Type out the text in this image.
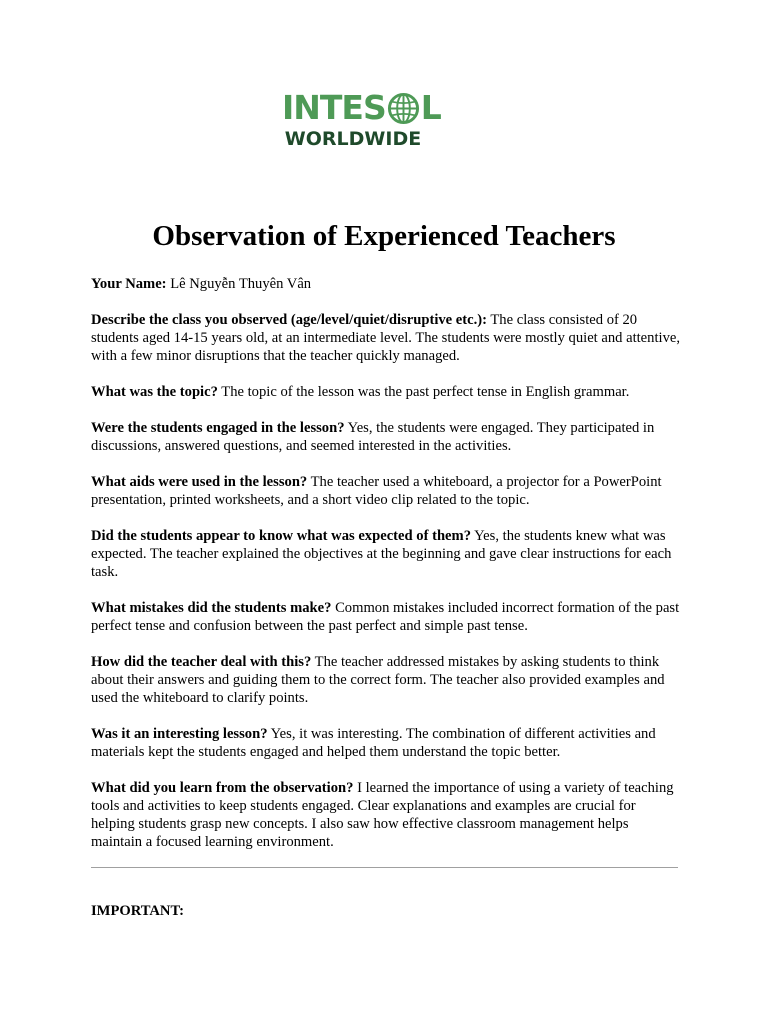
INTES L
WORLDWIDE
Observation of Experienced Teachers

Your Name: Lê Nguyễn Thuyên Vân

Describe the class you observed (age/level/quiet/disruptive etc.): The class consisted of 20 students aged 14-15 years old, at an intermediate level. The students were mostly quiet and attentive, with a few minor disruptions that the teacher quickly managed.

What was the topic? The topic of the lesson was the past perfect tense in English grammar.

Were the students engaged in the lesson? Yes, the students were engaged. They participated in discussions, answered questions, and seemed interested in the activities.

What aids were used in the lesson? The teacher used a whiteboard, a projector for a PowerPoint presentation, printed worksheets, and a short video clip related to the topic.

Did the students appear to know what was expected of them? Yes, the students knew what was expected. The teacher explained the objectives at the beginning and gave clear instructions for each task.

What mistakes did the students make? Common mistakes included incorrect formation of the past perfect tense and confusion between the past perfect and simple past tense.

How did the teacher deal with this? The teacher addressed mistakes by asking students to think about their answers and guiding them to the correct form. The teacher also provided examples and used the whiteboard to clarify points.

Was it an interesting lesson? Yes, it was interesting. The combination of different activities and materials kept the students engaged and helped them understand the topic better.

What did you learn from the observation? I learned the importance of using a variety of teaching tools and activities to keep students engaged. Clear explanations and examples are crucial for helping students grasp new concepts. I also saw how effective classroom management helps maintain a focused learning environment.

IMPORTANT:
